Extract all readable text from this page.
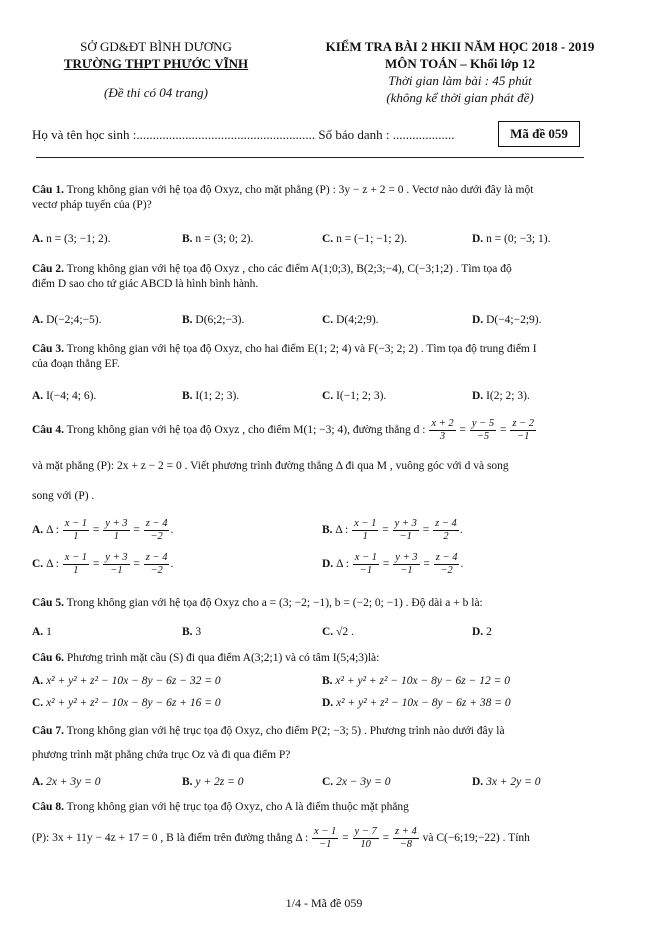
SỞ GD&ĐT BÌNH DƯƠNG
TRƯỜNG THPT PHƯỚC VĨNH
(Đề thi có 04 trang)
KIỂM TRA BÀI 2 HKII NĂM HỌC 2018 - 2019
MÔN TOÁN – Khối lớp 12
Thời gian làm bài : 45 phút
(không kể thời gian phát đề)
Họ và tên học sinh :....................................................... Số báo danh : ...................	Mã đề 059
Câu 1. Trong không gian với hệ tọa độ Oxyz, cho mặt phẳng (P) : 3y − z + 2 = 0 . Vectơ nào dưới đây là một
vectơ pháp tuyến của (P)?
A. n = (3; −1; 2).	B. n = (3; 0; 2).	C. n = (−1; −1; 2).	D. n = (0; −3; 1).
Câu 2. Trong không gian với hệ tọa độ Oxyz , cho các điểm A(1;0;3), B(2;3;−4), C(−3;1;2) . Tìm tọa độ
điểm D sao cho tứ giác ABCD là hình bình hành.
A. D(−2;4;−5).	B. D(6;2;−3).	C. D(4;2;9).	D. D(−4;−2;9).
Câu 3. Trong không gian với hệ tọa độ Oxyz, cho hai điểm E(1; 2; 4) và F(−3; 2; 2) . Tìm tọa độ trung điểm I
của đoạn thẳng EF.
A. I(−4; 4; 6).	B. I(1; 2; 3).	C. I(−1; 2; 3).	D. I(2; 2; 3).
Câu 4. Trong không gian với hệ tọa độ Oxyz , cho điểm M(1; −3; 4), đường thẳng d : $\frac{x + 2}{3} = \frac{y - 5}{-5} = \frac{z - 2}{-1}$
và mặt phẳng (P): 2x + z − 2 = 0 . Viết phương trình đường thẳng Δ đi qua M , vuông góc với d và song
song với (P) .
A. Δ : $\frac{x - 1}{1} = \frac{y + 3}{1} = \frac{z - 4}{-2}$ .	B. Δ : $\frac{x - 1}{1} = \frac{y + 3}{-1} = \frac{z - 4}{2}$ .
C. Δ : $\frac{x - 1}{1} = \frac{y + 3}{-1} = \frac{z - 4}{-2}$ .	D. Δ : $\frac{x - 1}{-1} = \frac{y + 3}{-1} = \frac{z - 4}{-2}$ .
Câu 5. Trong không gian với hệ tọa độ Oxyz cho a = (3; −2; −1), b = (−2; 0; −1) . Độ dài a + b là:
A. 1	B. 3	C. √2 .	D. 2
Câu 6. Phương trình mặt cầu (S) đi qua điểm A(3;2;1) và có tâm I(5;4;3)là:
A. x² + y² + z² − 10x − 8y − 6z − 32 = 0	B. x² + y² + z² − 10x − 8y − 6z − 12 = 0
C. x² + y² + z² − 10x − 8y − 6z + 16 = 0	D. x² + y² + z² − 10x − 8y − 6z + 38 = 0
Câu 7. Trong không gian với hệ trục tọa độ Oxyz, cho điểm P(2; −3; 5) . Phương trình nào dưới đây là
phương trình mặt phẳng chứa trục Oz và đi qua điểm P?
A. 2x + 3y = 0	B. y + 2z = 0	C. 2x − 3y = 0	D. 3x + 2y = 0
Câu 8. Trong không gian với hệ trục tọa độ Oxyz, cho A là điểm thuộc mặt phẳng
(P): 3x + 11y − 4z + 17 = 0 , B là điểm trên đường thẳng Δ : $\frac{x - 1}{-1} = \frac{y - 7}{10} = \frac{z + 4}{-8}$ và C(−6;19;−22) . Tính
1/4 - Mã đề 059
